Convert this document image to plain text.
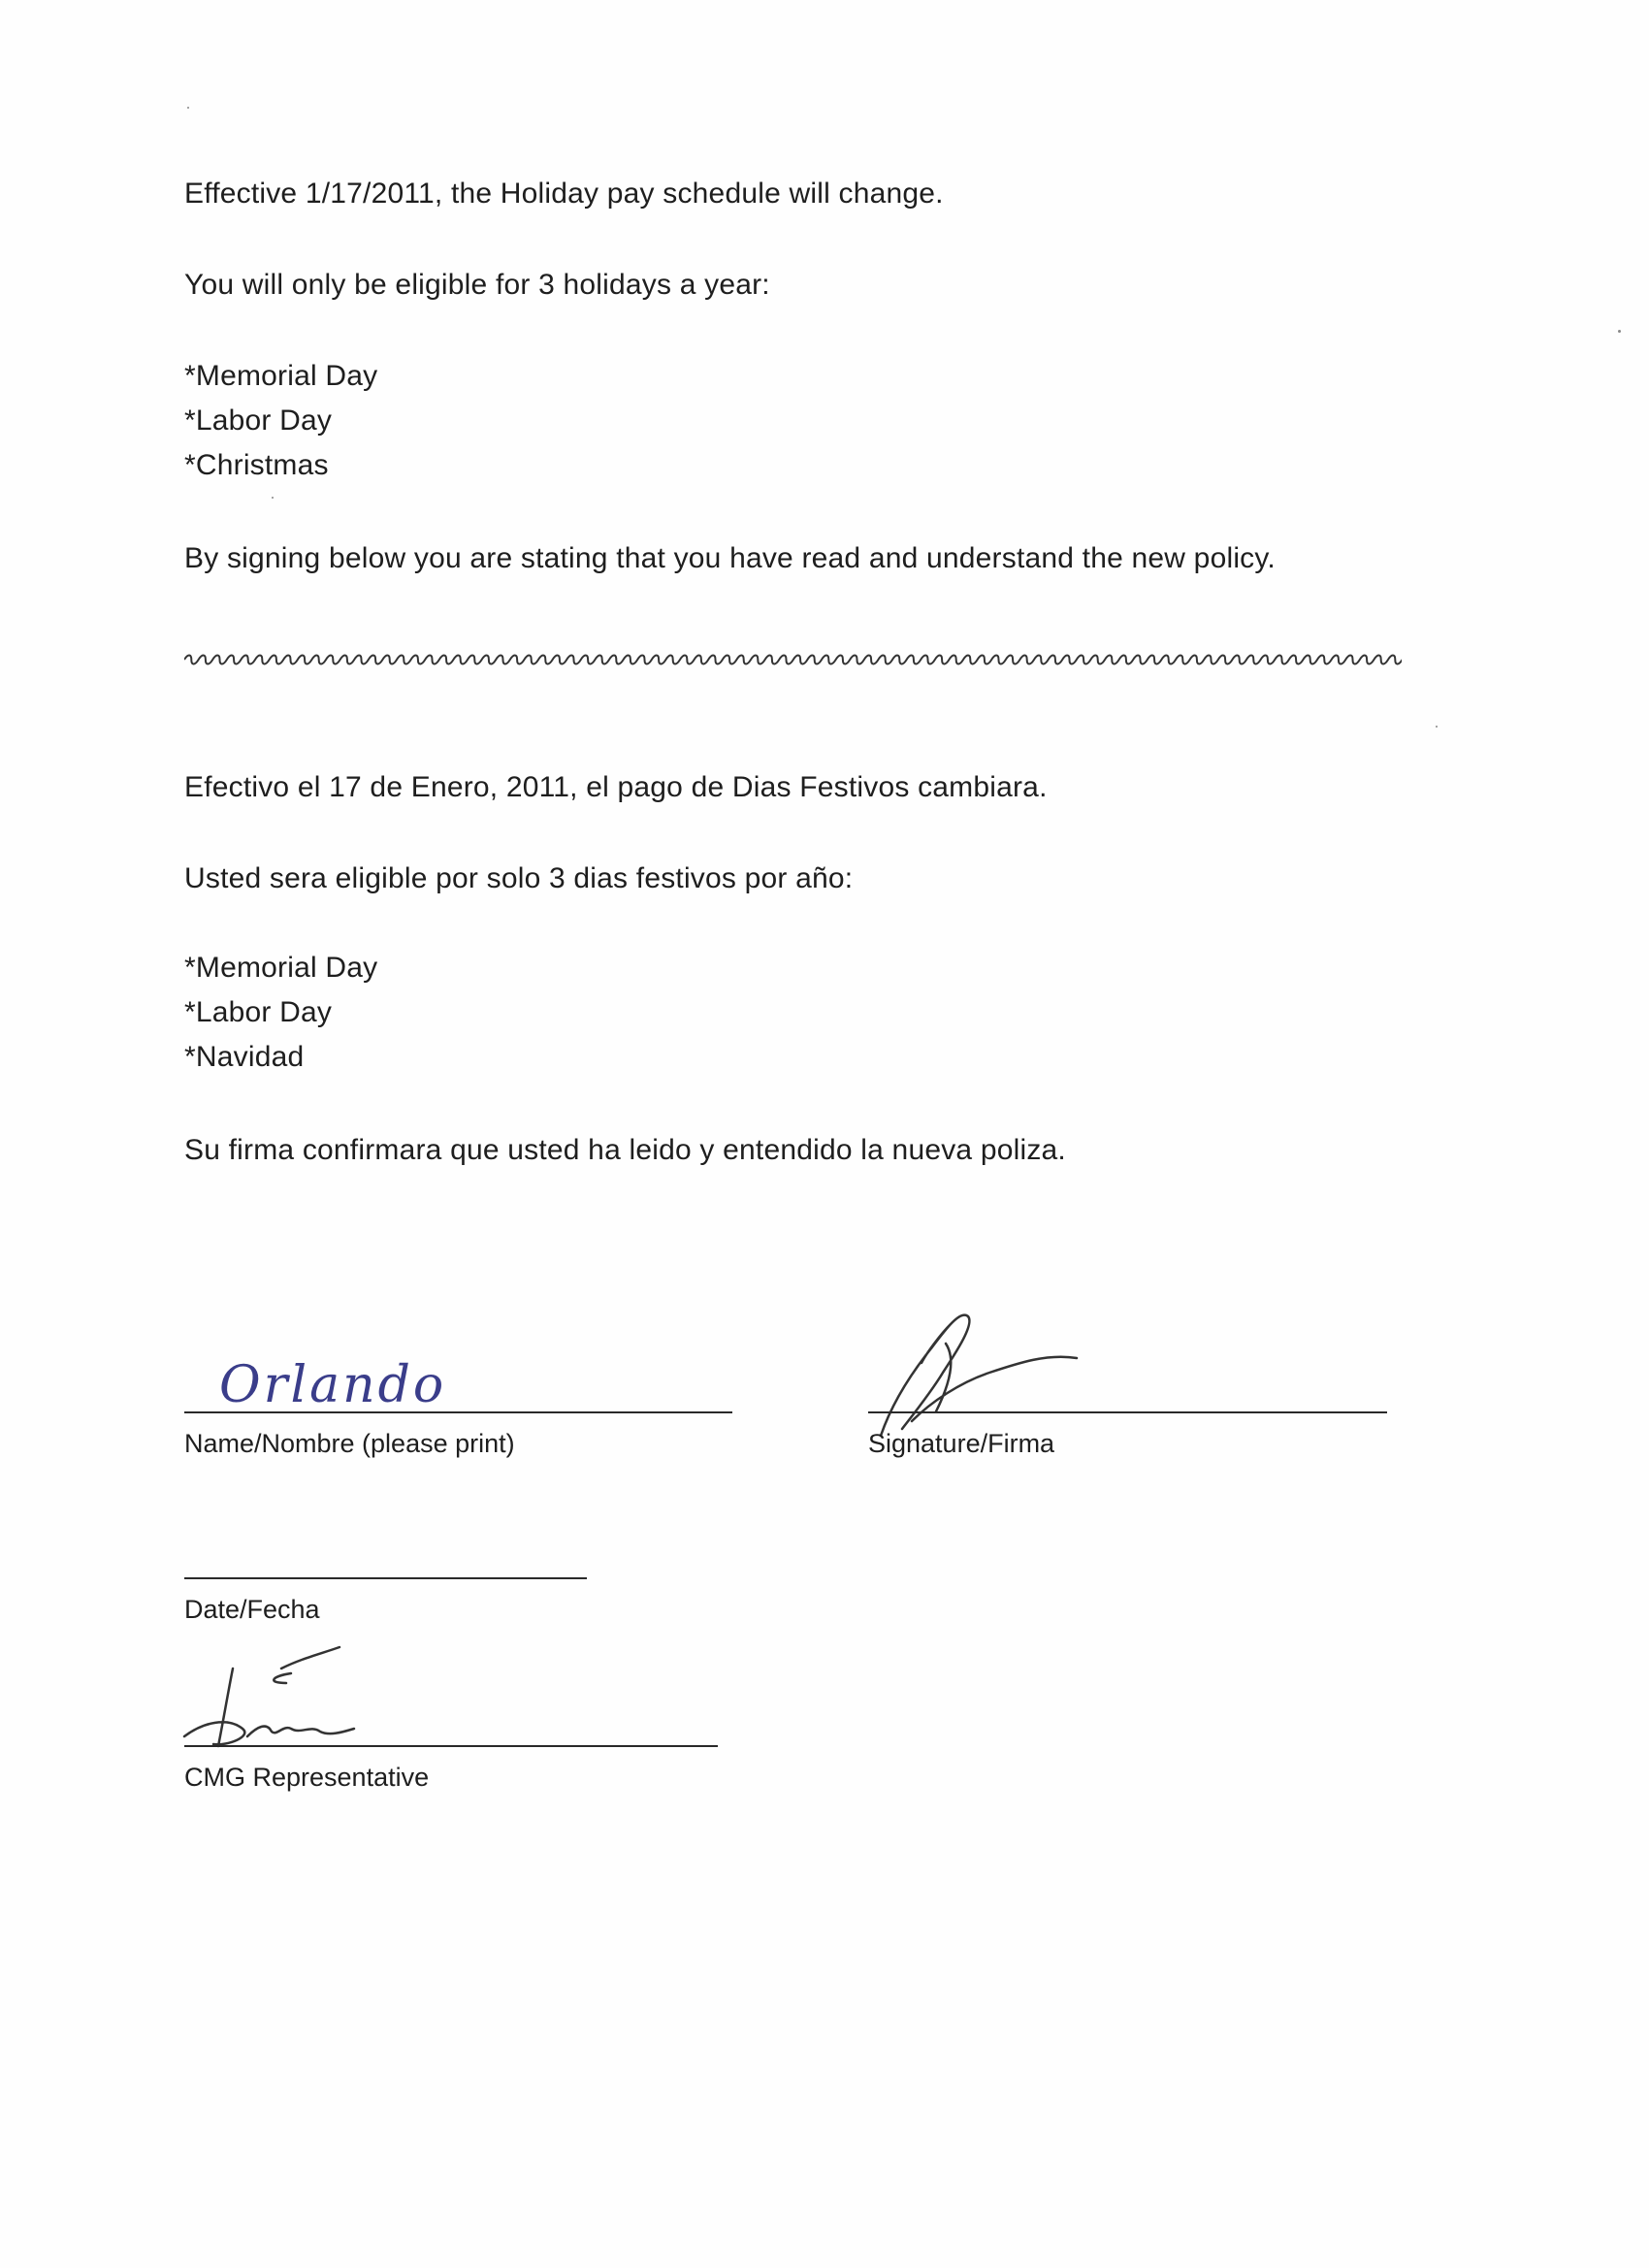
Effective 1/17/2011, the Holiday pay schedule will change.
You will only be eligible for 3 holidays a year:
*Memorial Day
*Labor Day
*Christmas
By signing below you are stating that you have read and understand the new policy.
Efectivo el 17 de Enero, 2011, el pago de Dias Festivos cambiara.
Usted sera eligible por solo 3 dias festivos por año:
*Memorial Day
*Labor Day
*Navidad
Su firma confirmara que usted ha leido y entendido la nueva poliza.
Orlando
Name/Nombre (please print)	Signature/Firma
Date/Fecha
CMG Representative
